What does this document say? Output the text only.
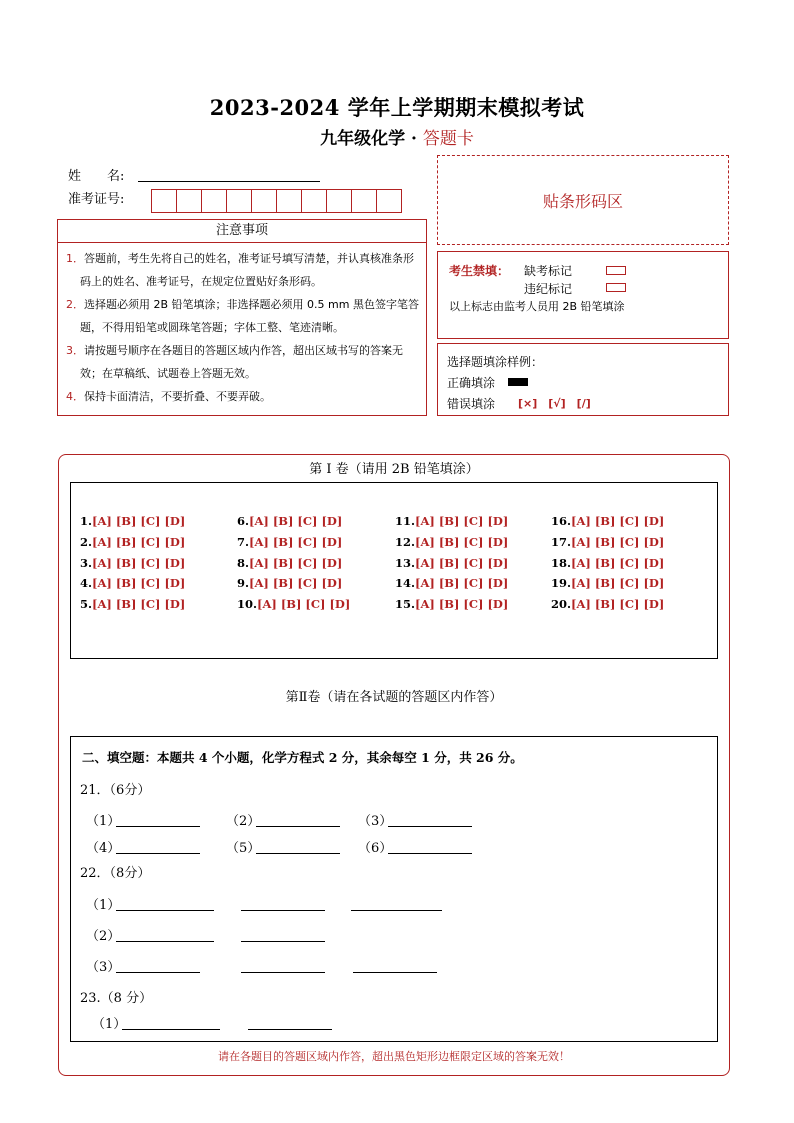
2023-2024 学年上学期期末模拟考试
九年级化学 · 答题卡
姓　　名:
准考证号:	贴条形码区
注意事项

1．答题前，考生先将自己的姓名，准考证号填写清楚，并认真核准条形码上的姓名、准考证号，在规定位置贴好条形码。

2．选择题必须用 2B 铅笔填涂；非选择题必须用 0.5 mm 黑色签字笔答题，不得用铅笔或圆珠笔答题；字体工整、笔迹清晰。

3．请按题号顺序在各题目的答题区域内作答，超出区域书写的答案无效；在草稿纸、试题卷上答题无效。

4．保持卡面清洁，不要折叠、不要弄破。

考生禁填： 缺考标记
违纪标记
以上标志由监考人员用 2B 铅笔填涂
选择题填涂样例：
正确填涂
错误填涂 [×]　[√]　[/]
第 I 卷（请用 2B 铅笔填涂）
1.[A] [B] [C] [D]
2.[A] [B] [C] [D]
3.[A] [B] [C] [D]
4.[A] [B] [C] [D]
5.[A] [B] [C] [D]
6.[A] [B] [C] [D]
7.[A] [B] [C] [D]
8.[A] [B] [C] [D]
9.[A] [B] [C] [D]
10.[A] [B] [C] [D]
11.[A] [B] [C] [D]
12.[A] [B] [C] [D]
13.[A] [B] [C] [D]
14.[A] [B] [C] [D]
15.[A] [B] [C] [D]
16.[A] [B] [C] [D]
17.[A] [B] [C] [D]
18.[A] [B] [C] [D]
19.[A] [B] [C] [D]
20.[A] [B] [C] [D]
第Ⅱ卷（请在各试题的答题区内作答）
二、填空题：本题共 4 个小题，化学方程式 2 分，其余每空 1 分，共 26 分。
21．（6分）
（1）	（2）	（3）
（4）	（5）	（6）
22．（8分）
（1）
（2）
（3）
23.（8 分）
（1）
请在各题目的答题区域内作答，超出黑色矩形边框限定区域的答案无效！
